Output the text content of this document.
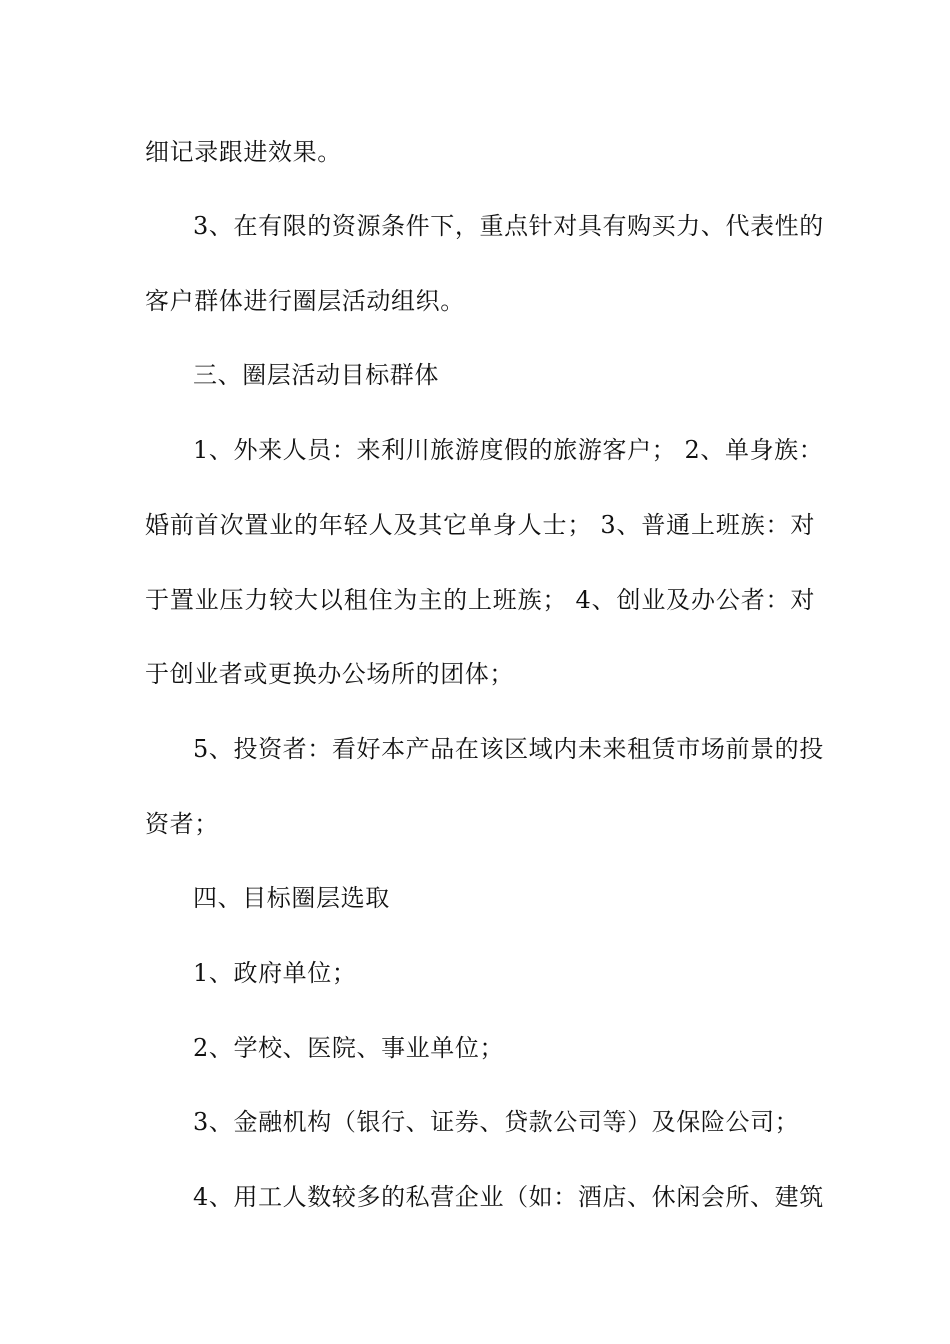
细记录跟进效果。
3、在有限的资源条件下，重点针对具有购买力、代表性的
客户群体进行圈层活动组织。
三、圈层活动目标群体
1、外来人员：来利川旅游度假的旅游客户； 2、单身族：
婚前首次置业的年轻人及其它单身人士； 3、普通上班族：对
于置业压力较大以租住为主的上班族； 4、创业及办公者：对
于创业者或更换办公场所的团体；
5、投资者：看好本产品在该区域内未来租赁市场前景的投
资者；
四、目标圈层选取
1、政府单位；
2、学校、医院、事业单位；
3、金融机构（银行、证券、贷款公司等）及保险公司；
4、用工人数较多的私营企业（如：酒店、休闲会所、建筑
